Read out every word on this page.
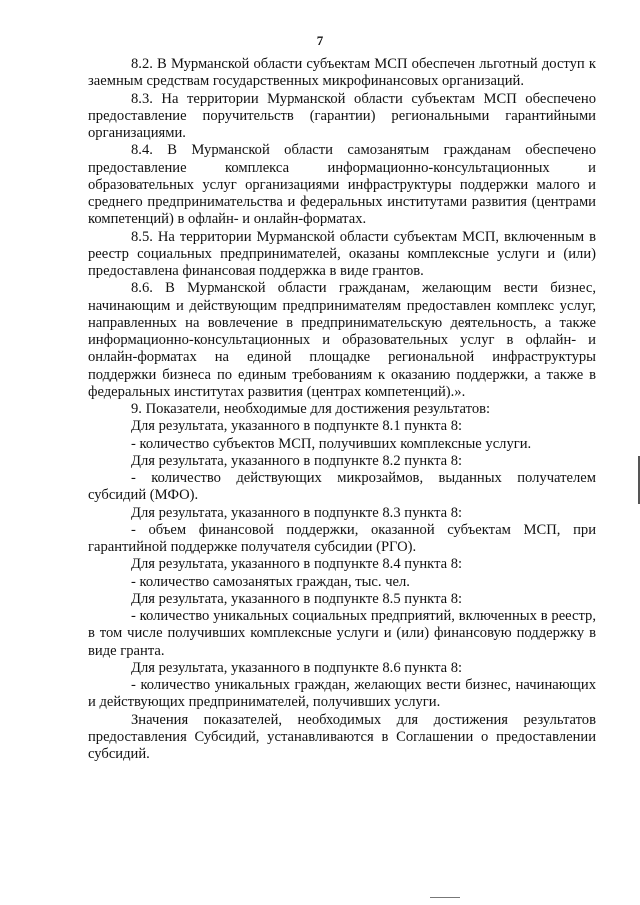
7

8.2. В Мурманской области субъектам МСП обеспечен льготный доступ к заемным средствам государственных микрофинансовых организаций.

8.3. На территории Мурманской области субъектам МСП обеспечено предоставление поручительств (гарантии) региональными гарантийными организациями.

8.4. В Мурманской области самозанятым гражданам обеспечено предоставление комплекса информационно-консультационных и образовательных услуг организациями инфраструктуры поддержки малого и среднего предпринимательства и федеральных институтами развития (центрами компетенций) в офлайн- и онлайн-форматах.

8.5. На территории Мурманской области субъектам МСП, включенным в реестр социальных предпринимателей, оказаны комплексные услуги и (или) предоставлена финансовая поддержка в виде грантов.

8.6. В Мурманской области гражданам, желающим вести бизнес, начинающим и действующим предпринимателям предоставлен комплекс услуг, направленных на вовлечение в предпринимательскую деятельность, а также информационно-консультационных и образовательных услуг в офлайн- и онлайн-форматах на единой площадке региональной инфраструктуры поддержки бизнеса по единым требованиям к оказанию поддержки, а также в федеральных институтах развития (центрах компетенций).».

9. Показатели, необходимые для достижения результатов:

Для результата, указанного в подпункте 8.1 пункта 8:

- количество субъектов МСП, получивших комплексные услуги.

Для результата, указанного в подпункте 8.2 пункта 8:

- количество действующих микрозаймов, выданных получателем субсидий (МФО).

Для результата, указанного в подпункте 8.3 пункта 8:

- объем финансовой поддержки, оказанной субъектам МСП, при гарантийной поддержке получателя субсидии (РГО).

Для результата, указанного в подпункте 8.4 пункта 8:

- количество самозанятых граждан, тыс. чел.

Для результата, указанного в подпункте 8.5 пункта 8:

- количество уникальных социальных предприятий, включенных в реестр, в том числе получивших комплексные услуги и (или) финансовую поддержку в виде гранта.

Для результата, указанного в подпункте 8.6 пункта 8:

- количество уникальных граждан, желающих вести бизнес, начинающих и действующих предпринимателей, получивших услуги.

Значения показателей, необходимых для достижения результатов предоставления Субсидий, устанавливаются в Соглашении о предоставлении субсидий.
